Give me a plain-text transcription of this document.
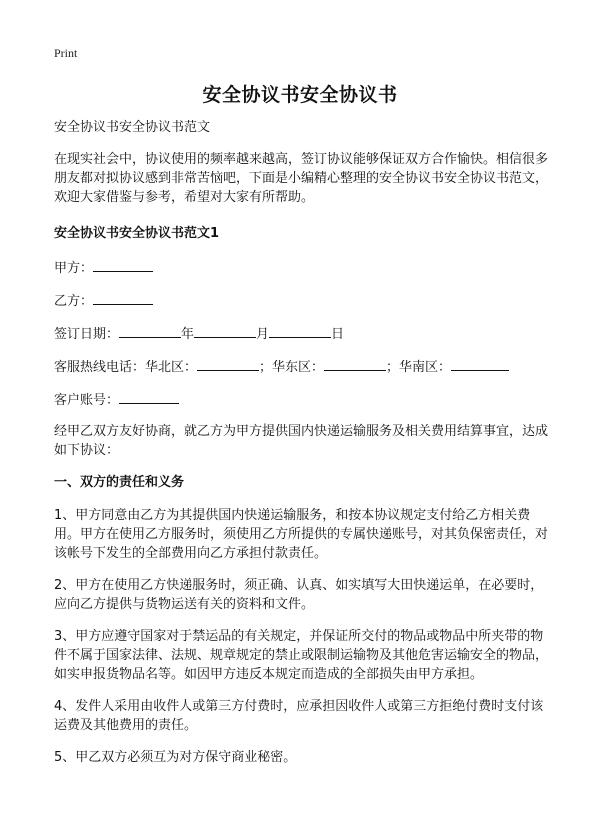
Print
安全协议书安全协议书

安全协议书安全协议书范文

在现实社会中，协议使用的频率越来越高，签订协议能够保证双方合作愉快。相信很多朋友都对拟协议感到非常苦恼吧，下面是小编精心整理的安全协议书安全协议书范文，欢迎大家借鉴与参考，希望对大家有所帮助。

安全协议书安全协议书范文1

甲方：

乙方：

签订日期：	年	月	日

客服热线电话：华北区：	；华东区：	；华南区：

客户账号：

经甲乙双方友好协商，就乙方为甲方提供国内快递运输服务及相关费用结算事宜，达成如下协议：

一、双方的责任和义务

1、甲方同意由乙方为其提供国内快递运输服务，和按本协议规定支付给乙方相关费用。甲方在使用乙方服务时，须使用乙方所提供的专属快递账号，对其负保密责任，对该帐号下发生的全部费用向乙方承担付款责任。

2、甲方在使用乙方快递服务时，须正确、认真、如实填写大田快递运单，在必要时，应向乙方提供与货物运送有关的资料和文件。

3、甲方应遵守国家对于禁运品的有关规定，并保证所交付的物品或物品中所夹带的物件不属于国家法律、法规、规章规定的禁止或限制运输物及其他危害运输安全的物品，如实申报货物品名等。如因甲方违反本规定而造成的全部损失由甲方承担。

4、发件人采用由收件人或第三方付费时，应承担因收件人或第三方拒绝付费时支付该运费及其他费用的责任。

5、甲乙双方必须互为对方保守商业秘密。
